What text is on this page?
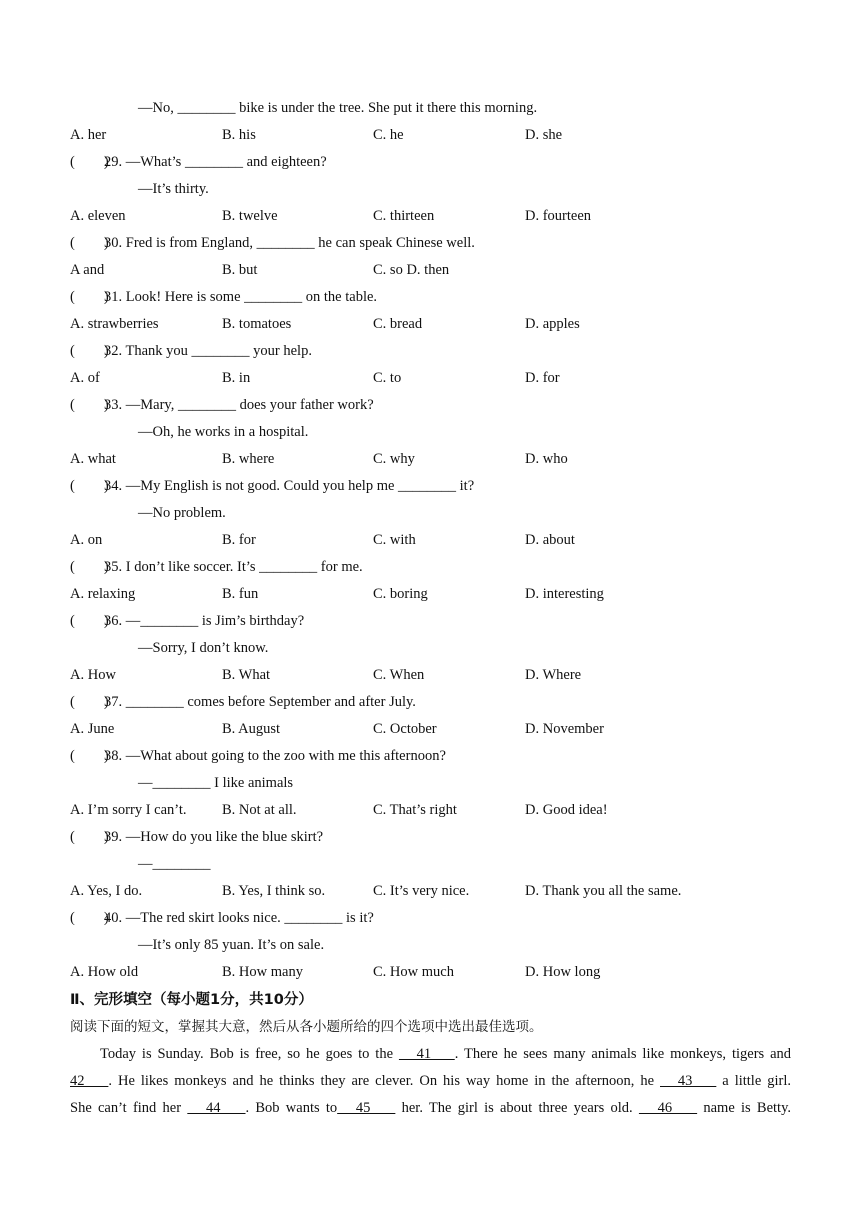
—No, ________ bike is under the tree. She put it there this morning.
A. her	B. his	C. he	D. she
(　　)29. —What’s ________ and eighteen?
—It’s thirty.
A. eleven	B. twelve	C. thirteen	D. fourteen
(　　)30. Fred is from England, ________ he can speak Chinese well.
A and	B. but	C. so D. then
(　　)31. Look! Here is some ________ on the table.
A. strawberries	B. tomatoes	C. bread	D. apples
(　　)32. Thank you ________ your help.
A. of	B. in	C. to	D. for
(　　)33. —Mary, ________ does your father work?
—Oh, he works in a hospital.
A. what	B. where	C. why	D. who
(　　)34. —My English is not good. Could you help me ________ it?
—No problem.
A. on	B. for	C. with	D. about
(　　)35. I don’t like soccer. It’s ________ for me.
A. relaxing	B. fun	C. boring	D. interesting
(　　)36. —________ is Jim’s birthday?
—Sorry, I don’t know.
A. How	B. What	C. When	D. Where
(　　)37. ________ comes before September and after July.
A. June	B. August	C. October	D. November
(　　)38. —What about going to the zoo with me this afternoon?
—________ I like animals
A. I’m sorry I can’t. B. Not at all.	C. That’s right	D. Good idea!
(　　)39. —How do you like the blue skirt?
—________
A. Yes, I do.	B. Yes, I think so.	C. It’s very nice.	D. Thank you all the same.
(　　)40. —The red skirt looks nice. ________ is it?
—It’s only 85 yuan. It’s on sale.
A. How old	B. How many	C. How much	D. How long
Ⅱ、完形填空（每小题1分，共10分）
阅读下面的短文，掌握其大意，然后从各小题所给的四个选项中选出最佳选项。
Today is Sunday. Bob is free, so he goes to the    41    . There he sees many animals like monkeys, tigers and
42    . He likes monkeys and he thinks they are clever. On his way home in the afternoon, he    43     a little girl.
She can’t find her    44    . Bob wants to   45     her. The girl is about three years old.    46     name is Betty.
